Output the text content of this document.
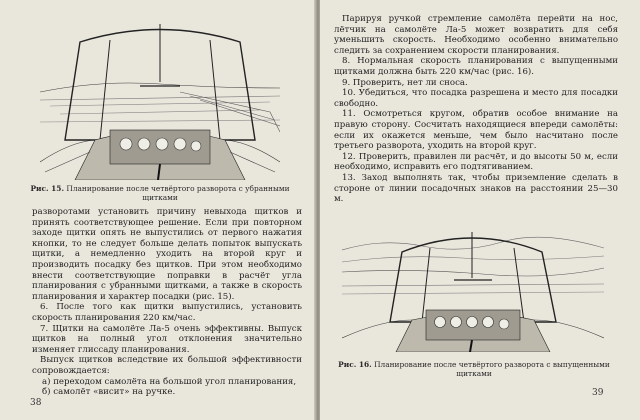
Рис. 15. Планирование после четвёртого разворота с убранными щитками

разворотами установить причину невыхода щитков и принять соответствующее решение. Если при повторном заходе щитки опять не выпустились от первого нажатия кнопки, то не следует больше делать попыток выпускать щитки, а немедленно уходить на второй круг и производить посадку без щитков. При этом необходимо внести соответствующие поправки в расчёт угла планирования с убранными щитками, а также в скорость планирования и характер посадки (рис. 15).

6. После того как щитки выпустились, установить скорость планирования 220 км/час.

7. Щитки на самолёте Ла-5 очень эффективны. Выпуск щитков на полный угол отклонения значительно изменяет глиссаду планирования.

Выпуск щитков вследствие их большой эффективности сопровождается:

а) переходом самолёта на большой угол планирования,

б) самолёт «висит» на ручке.

38

Парируя ручкой стремление самолёта перейти на нос, лётчик на самолёте Ла-5 может возвратить для себя уменьшить скорость. Необходимо особенно внимательно следить за сохранением скорости планирования.

8. Нормальная скорость планирования с выпущенными щитками должна быть 220 км/час (рис. 16).

9. Проверить, нет ли сноса.

10. Убедиться, что посадка разрешена и место для посадки свободно.

11. Осмотреться кругом, обратив особое внимание на правую сторону. Сосчитать находящиеся впереди самолёты: если их окажется меньше, чем было насчитано после третьего разворота, уходить на второй круг.

12. Проверить, правилен ли расчёт, и до высоты 50 м, если необходимо, исправить его подтягиванием.

13. Заход выполнять так, чтобы приземление сделать в стороне от линии посадочных знаков на расстоянии 25—30 м.

Рис. 16. Планирование после четвёртого разворота с выпущенными щитками
39
